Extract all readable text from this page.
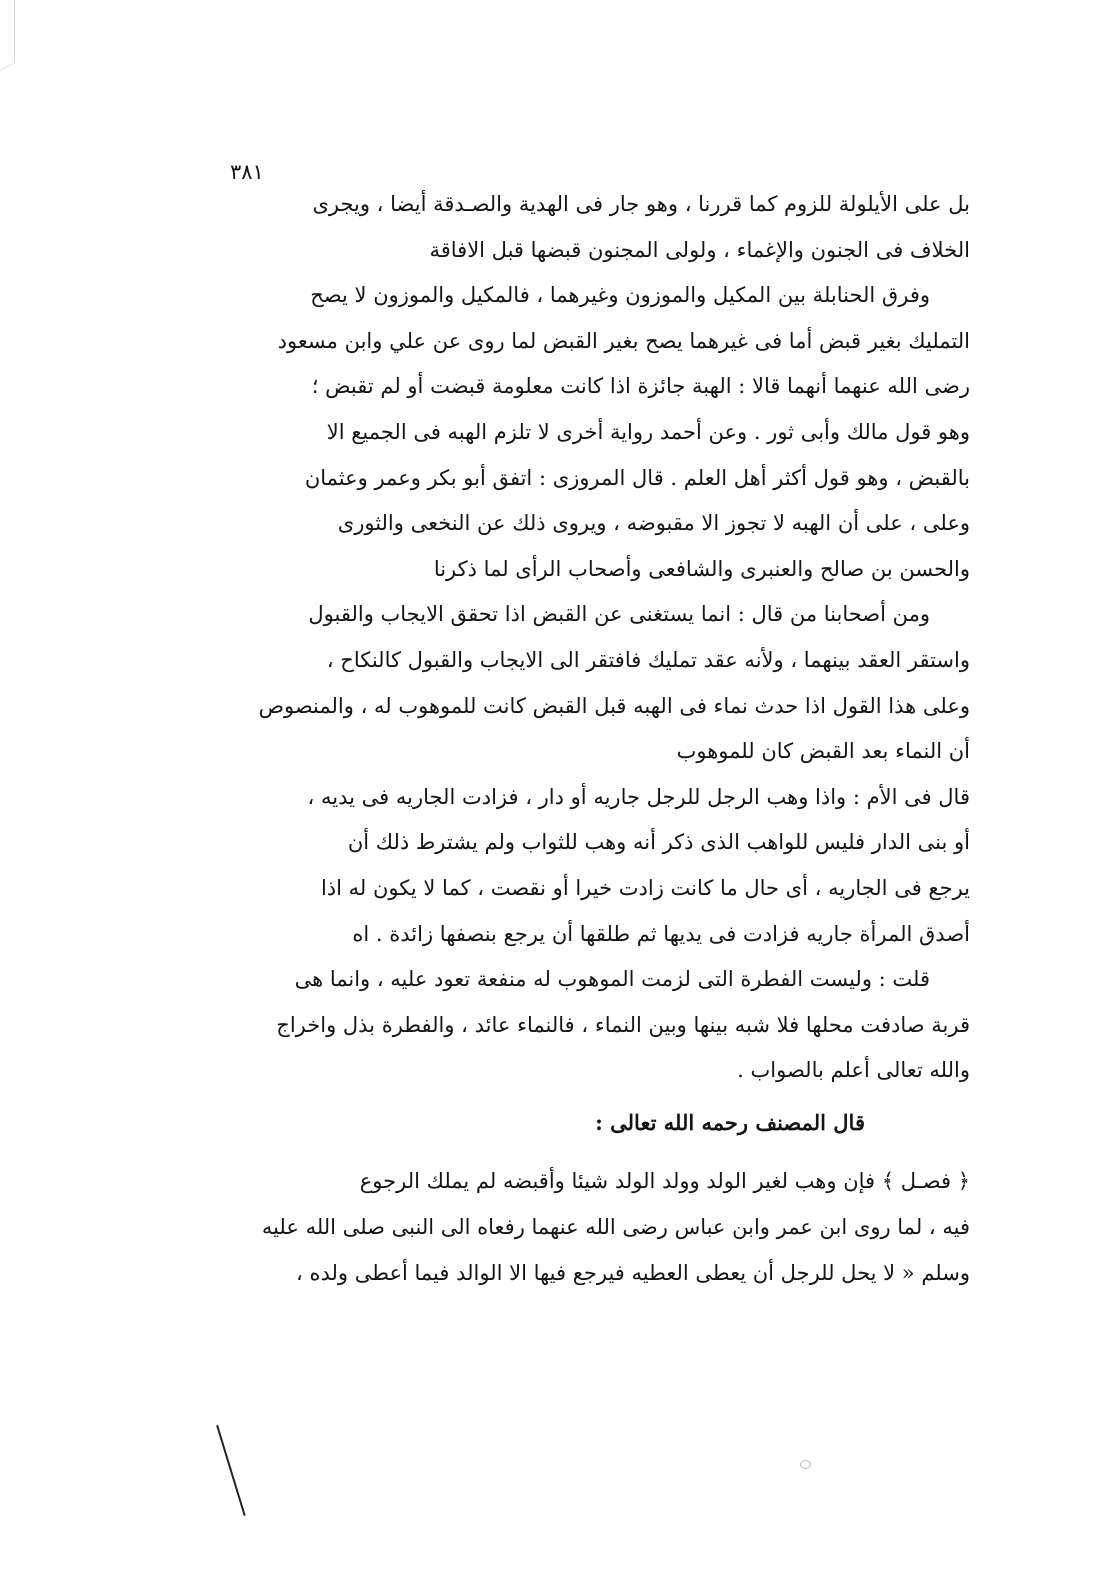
٣٨١
بل على الأيلولة للزوم كما قررنا ، وهو جار فى الهدية والصـدقة أيضا ، ويجرى
الخلاف فى الجنون والإغماء ، ولولى المجنون قبضها قبل الافاقة
وفرق الحنابلة بين المكيل والموزون وغيرهما ، فالمكيل والموزون لا يصح
التمليك بغير قبض أما فى غيرهما يصح بغير القبض لما روى عن علي وابن مسعود
رضى الله عنهما أنهما قالا : الهبة جائزة اذا كانت معلومة قبضت أو لم تقبض ؛
وهو قول مالك وأبى ثور . وعن أحمد رواية أخرى لا تلزم الهبه فى الجميع الا
بالقبض ، وهو قول أكثر أهل العلم . قال المروزى : اتفق أبو بكر وعمر وعثمان
وعلى ، على أن الهبه لا تجوز الا مقبوضه ، ويروى ذلك عن النخعى والثورى
والحسن بن صالح والعنبرى والشافعى وأصحاب الرأى لما ذكرنا
ومن أصحابنا من قال : انما يستغنى عن القبض اذا تحقق الايجاب والقبول
واستقر العقد بينهما ، ولأنه عقد تمليك فافتقر الى الايجاب والقبول كالنكاح ،
وعلى هذا القول اذا حدث نماء فى الهبه قبل القبض كانت للموهوب له ، والمنصوص
أن النماء بعد القبض كان للموهوب
قال فى الأم : واذا وهب الرجل للرجل جاريه أو دار ، فزادت الجاريه فى يديه ،
أو بنى الدار فليس للواهب الذى ذكر أنه وهب للثواب ولم يشترط ذلك أن
يرجع فى الجاريه ، أى حال ما كانت زادت خيرا أو نقصت ، كما لا يكون له اذا
أصدق المرأة جاريه فزادت فى يديها ثم طلقها أن يرجع بنصفها زائدة . اه
قلت : وليست الفطرة التى لزمت الموهوب له منفعة تعود عليه ، وانما هى
قربة صادفت محلها فلا شبه بينها وبين النماء ، فالنماء عائد ، والفطرة بذل واخراج
والله تعالى أعلم بالصواب .
قال المصنف رحمه الله تعالى :
﴿ فصـل ﴾ فإن وهب لغير الولد وولد الولد شيئا وأقبضه لم يملك الرجوع
فيه ، لما روى ابن عمر وابن عباس رضى الله عنهما رفعاه الى النبى صلى الله عليه
وسلم « لا يحل للرجل أن يعطى العطيه فيرجع فيها الا الوالد فيما أعطى ولده ،
